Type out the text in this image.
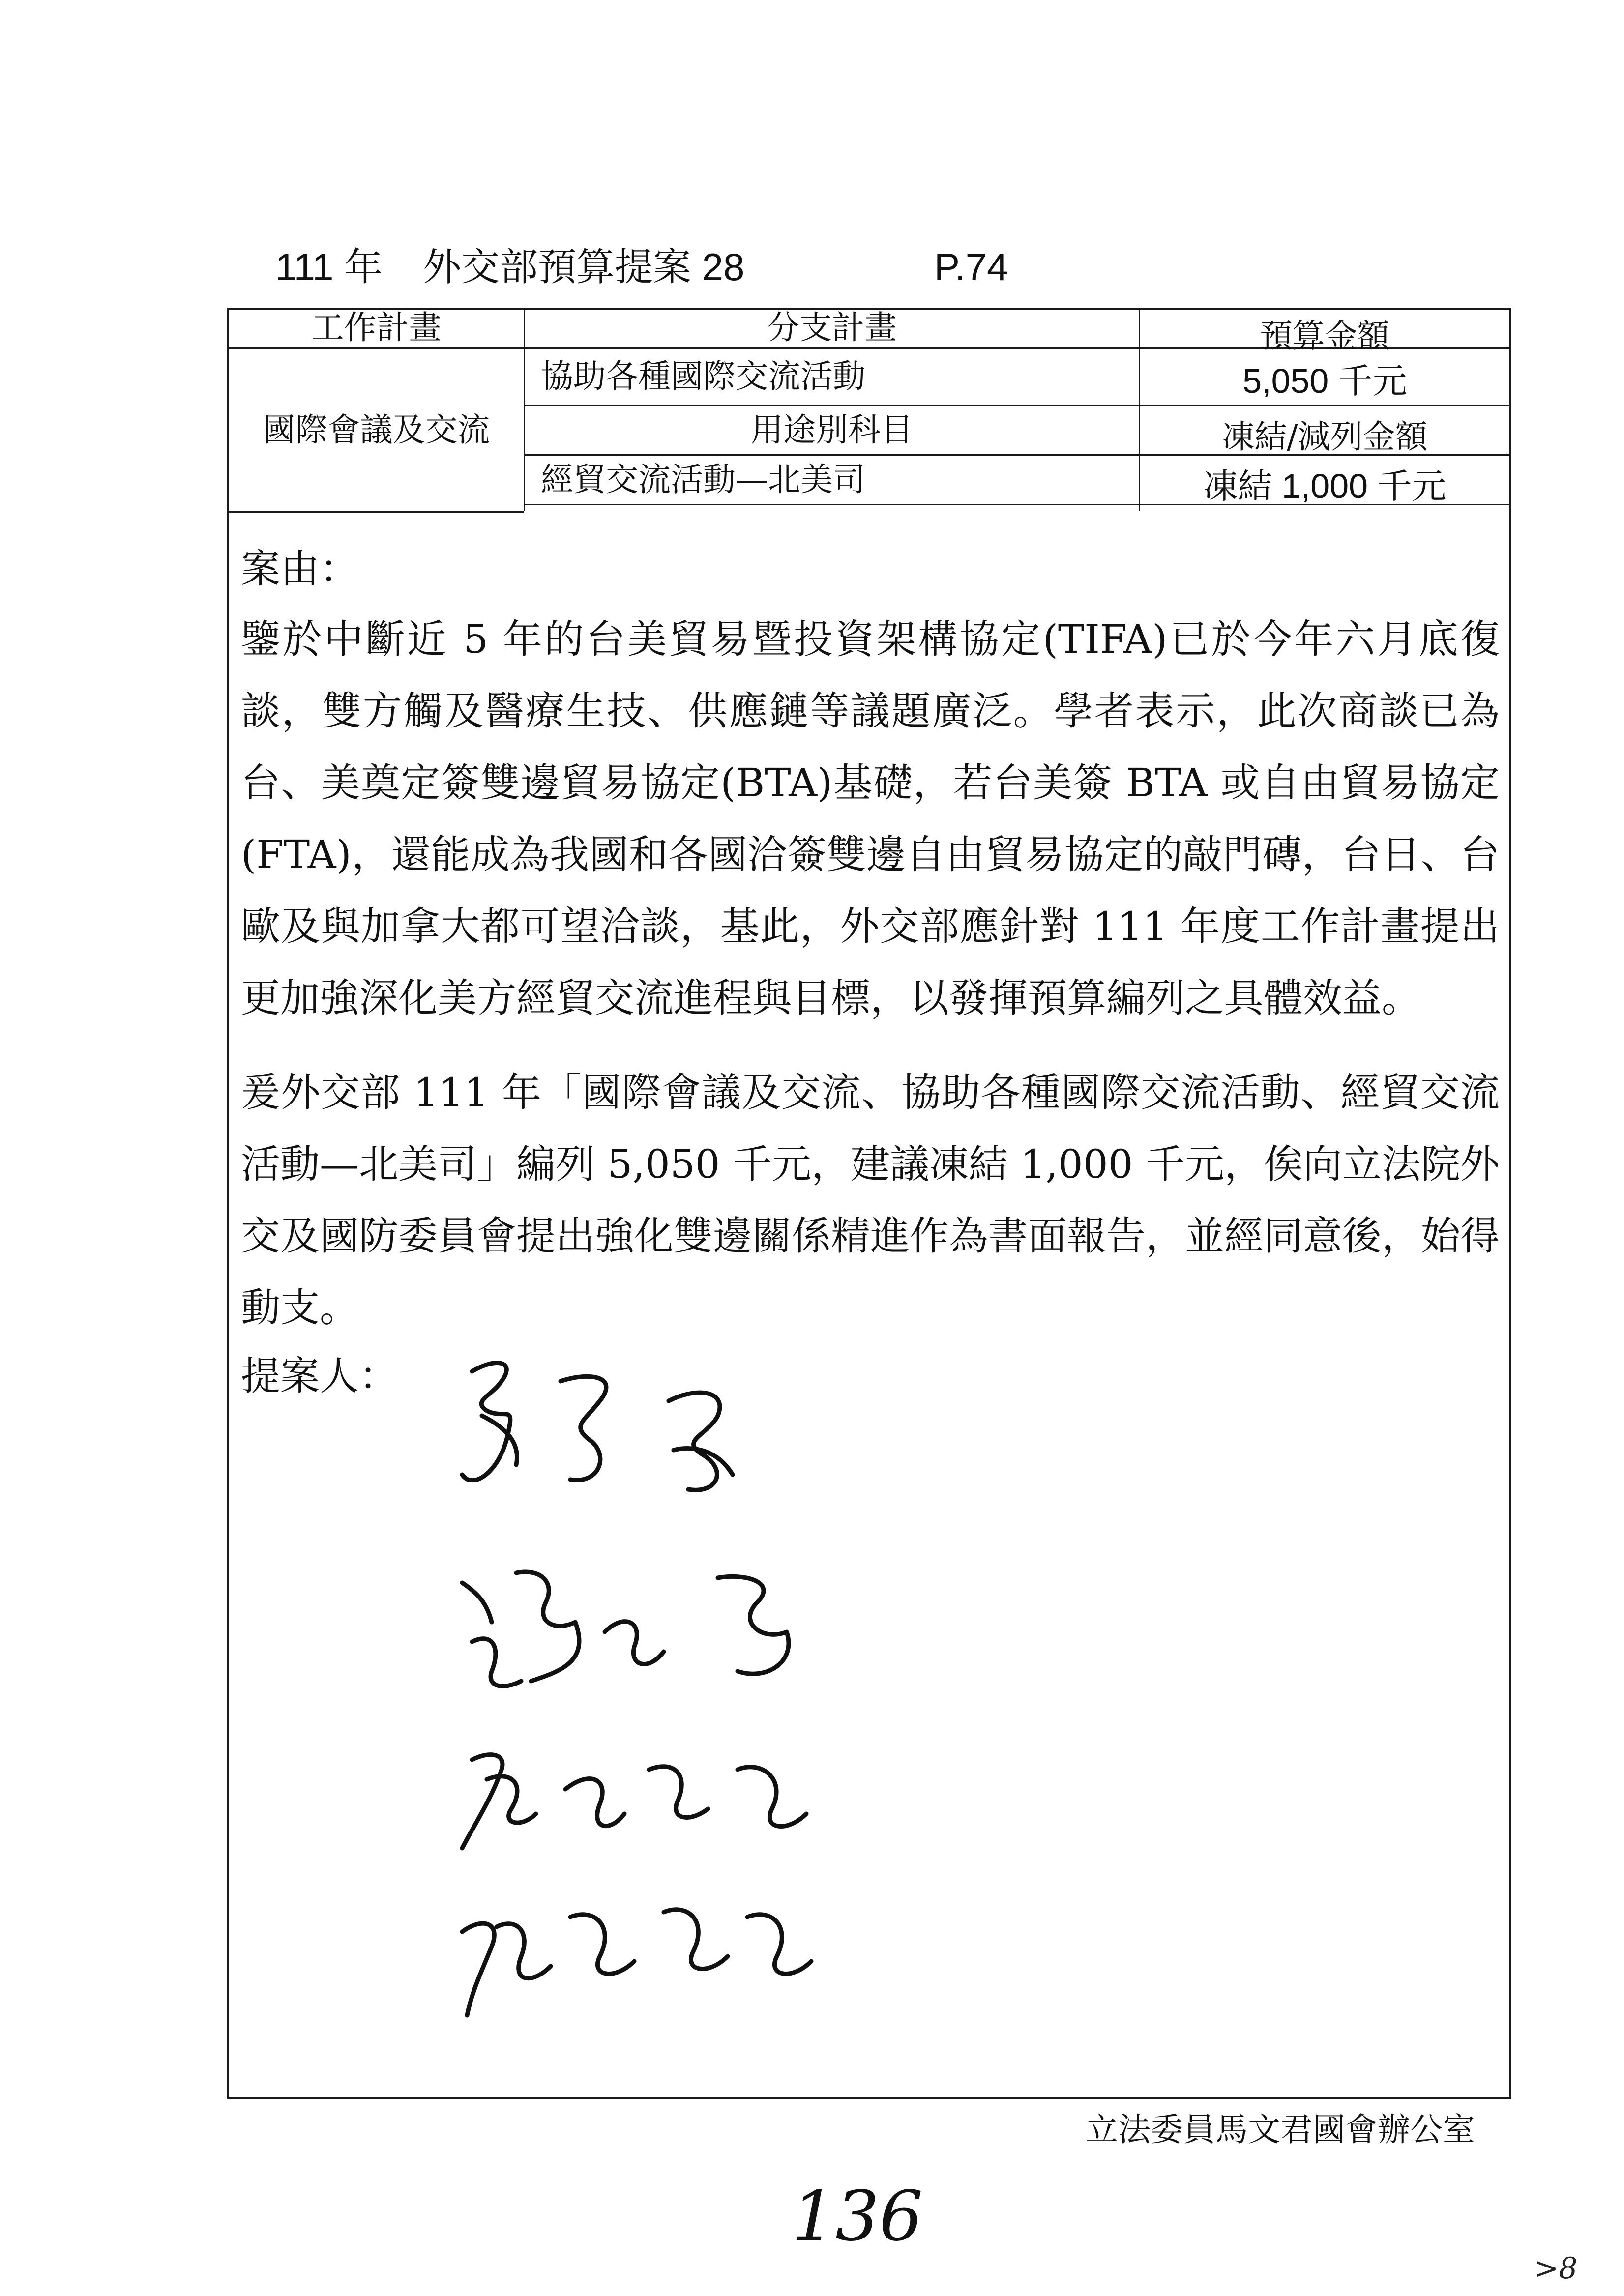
111 年 外交部預算提案 28	P.74
工作計畫	分支計畫	預算金額
國際會議及交流
協助各種國際交流活動	5,050 千元
用途別科目	凍結/減列金額
經貿交流活動—北美司	凍結 1,000 千元
案由：
鑒於中斷近 5 年的台美貿易暨投資架構協定(TIFA)已於今年六月底復談，雙方觸及醫療生技、供應鏈等議題廣泛。學者表示，此次商談已為台、美奠定簽雙邊貿易協定(BTA)基礎，若台美簽 BTA 或自由貿易協定(FTA)，還能成為我國和各國洽簽雙邊自由貿易協定的敲門磚，台日、台歐及與加拿大都可望洽談，基此，外交部應針對 111 年度工作計畫提出更加強深化美方經貿交流進程與目標，以發揮預算編列之具體效益。
爰外交部 111 年「國際會議及交流、協助各種國際交流活動、經貿交流活動—北美司」編列 5,050 千元，建議凍結 1,000 千元，俟向立法院外交及國防委員會提出強化雙邊關係精進作為書面報告，並經同意後，始得動支。
提案人：
立法委員馬文君國會辦公室
136
>8
